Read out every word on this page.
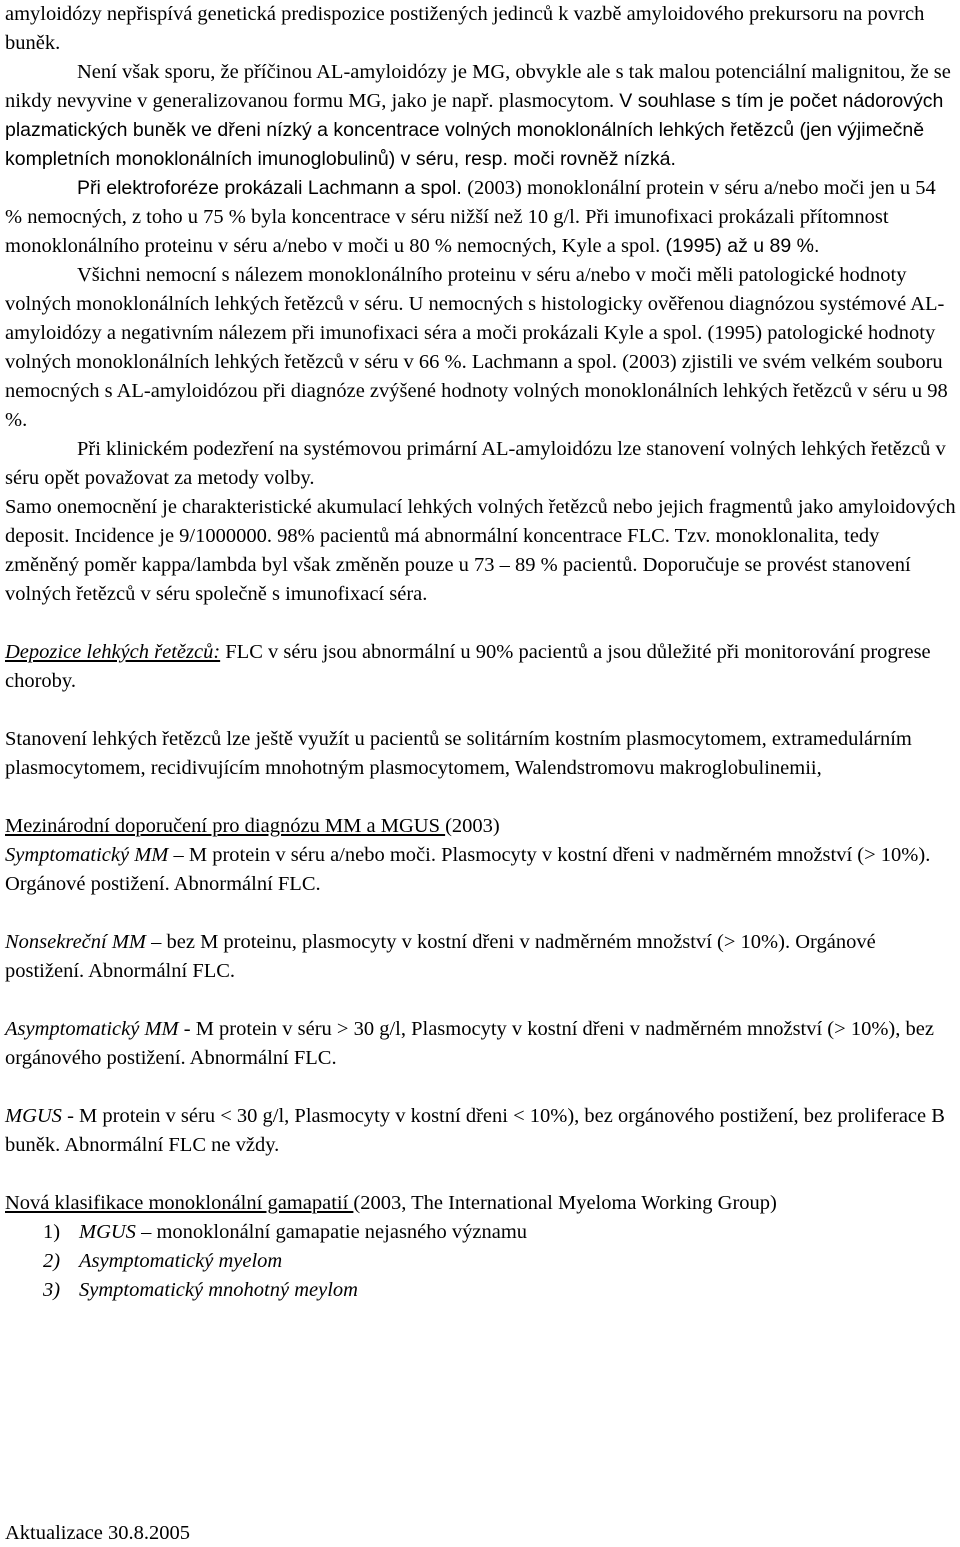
amyloidózy nepřispívá genetická predispozice postižených jedinců k vazbě amyloidového prekursoru na povrch buněk.

Není však sporu, že příčinou AL-amyloidózy je MG, obvykle ale s tak malou potenciální malignitou, že se nikdy nevyvine v generalizovanou formu MG, jako je např. plasmocytom. V souhlase s tím je počet nádorových plazmatických buněk ve dřeni nízký a koncentrace volných monoklonálních lehkých řetězců (jen výjimečně kompletních monoklonálních imunoglobulinů) v séru, resp. moči rovněž nízká.

Při elektroforéze prokázali Lachmann a spol. (2003) monoklonální protein v séru a/nebo moči jen u 54 % nemocných, z toho u 75 % byla koncentrace v séru nižší než 10 g/l. Při imunofixaci prokázali přítomnost monoklonálního proteinu v séru a/nebo v moči u 80 % nemocných, Kyle a spol. (1995) až u 89 %.

Všichni nemocní s nálezem monoklonálního proteinu v séru a/nebo v moči měli patologické hodnoty volných monoklonálních lehkých řetězců v séru. U nemocných s histologicky ověřenou diagnózou systémové AL-amyloidózy a negativním nálezem při imunofixaci séra a moči prokázali Kyle a spol. (1995) patologické hodnoty volných monoklonálních lehkých řetězců v séru v 66 %. Lachmann a spol. (2003) zjistili ve svém velkém souboru nemocných s AL-amyloidózou při diagnóze zvýšené hodnoty volných monoklonálních lehkých řetězců v séru u 98 %.

Při klinickém podezření na systémovou primární AL-amyloidózu lze stanovení volných lehkých řetězců v séru opět považovat za metody volby.

Samo onemocnění je charakteristické akumulací lehkých volných řetězců nebo jejich fragmentů jako amyloidových deposit. Incidence je 9/1000000. 98% pacientů má abnormální koncentrace FLC. Tzv. monoklonalita, tedy změněný poměr kappa/lambda byl však změněn pouze u 73 – 89 % pacientů. Doporučuje se provést stanovení volných řetězců v séru společně s imunofixací séra.

Depozice lehkých řetězců: FLC v séru jsou abnormální u 90% pacientů a jsou důležité při monitorování progrese choroby.

Stanovení lehkých řetězců lze ještě využít u pacientů se solitárním kostním plasmocytomem, extramedulárním plasmocytomem, recidivujícím mnohotným plasmocytomem, Walendstromovu makroglobulinemii,

Mezinárodní doporučení pro diagnózu MM a MGUS (2003)
Symptomatický MM – M protein v séru a/nebo moči. Plasmocyty v kostní dřeni v nadměrném množství (> 10%). Orgánové postižení. Abnormální FLC.

Nonsekreční MM – bez M proteinu, plasmocyty v kostní dřeni v nadměrném množství (> 10%). Orgánové postižení. Abnormální FLC.

Asymptomatický MM - M protein v séru > 30 g/l, Plasmocyty v kostní dřeni v nadměrném množství (> 10%), bez orgánového postižení. Abnormální FLC.

MGUS - M protein v séru < 30 g/l, Plasmocyty v kostní dřeni < 10%), bez orgánového postižení, bez proliferace B buněk. Abnormální FLC ne vždy.

Nová klasifikace monoklonální gamapatií (2003, The International Myeloma Working Group)

1) MGUS – monoklonální gamapatie nejasného významu
2) Asymptomatický myelom
3) Symptomatický mnohotný meylom
Aktualizace 30.8.2005
